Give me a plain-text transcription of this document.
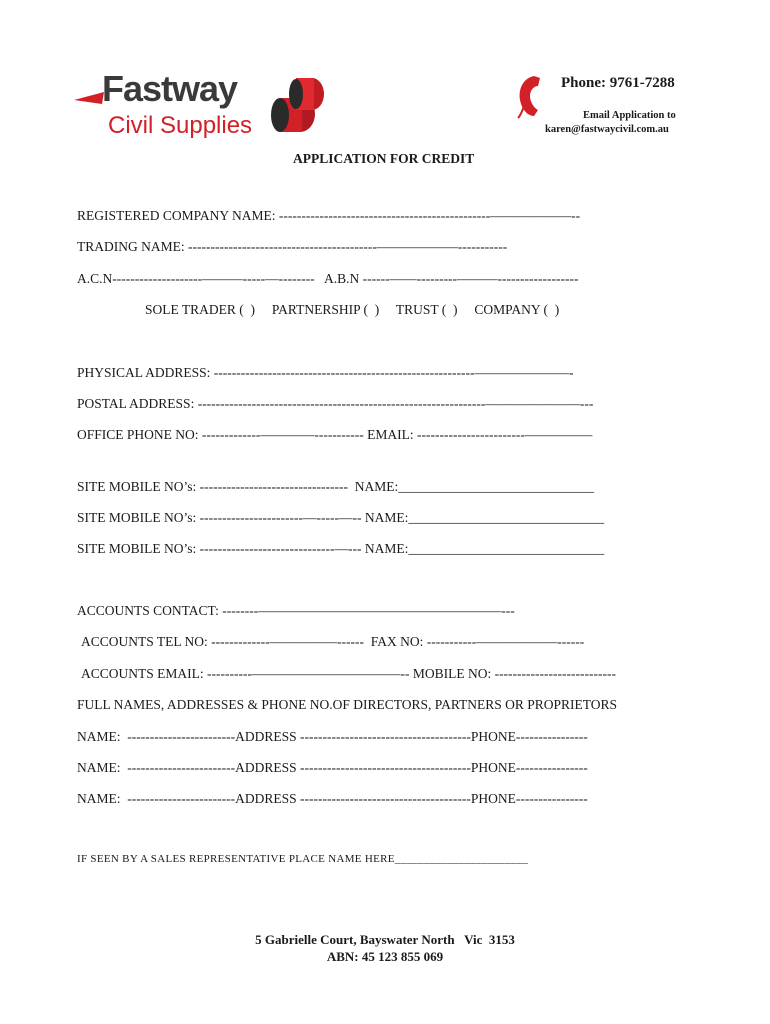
Fastway

Civil Supplies

Phone: 9761-7288
Email Application to
karen@fastwaycivil.com.au
APPLICATION FOR CREDIT
REGISTERED COMPANY NAME: -----------------------------------------------——————--
TRADING NAME: ------------------------------------------——————-----------
A.C.N--------------------———-----—--------   A.B.N ------——---------———------------------
SOLE TRADER (  )     PARTNERSHIP (  )     TRUST (  )     COMPANY (  )
PHYSICAL ADDRESS: ----------------------------------------------------------———————-
POSTAL ADDRESS: ----------------------------------------------------------------———————---
OFFICE PHONE NO: -------------————----------- EMAIL: ------------------------—————
SITE MOBILE NO’s: ---------------------------------  NAME:_____________________________
SITE MOBILE NO’s: -----------------------—-----—-- NAME:_____________________________
SITE MOBILE NO’s: ------------------------------—--- NAME:_____________________________
ACCOUNTS CONTACT: --------——————————————————---
ACCOUNTS TEL NO: -------------—————------  FAX NO: -----------——————------
ACCOUNTS EMAIL: ----------———————————-- MOBILE NO: ---------------------------
FULL NAMES, ADDRESSES & PHONE NO.OF DIRECTORS, PARTNERS OR PROPRIETORS
NAME:  ------------------------ADDRESS --------------------------------------PHONE----------------
NAME:  ------------------------ADDRESS --------------------------------------PHONE----------------
NAME:  ------------------------ADDRESS --------------------------------------PHONE----------------
IF SEEN BY A SALES REPRESENTATIVE PLACE NAME HERE_______________________
5 Gabrielle Court, Bayswater North   Vic  3153
ABN: 45 123 855 069
